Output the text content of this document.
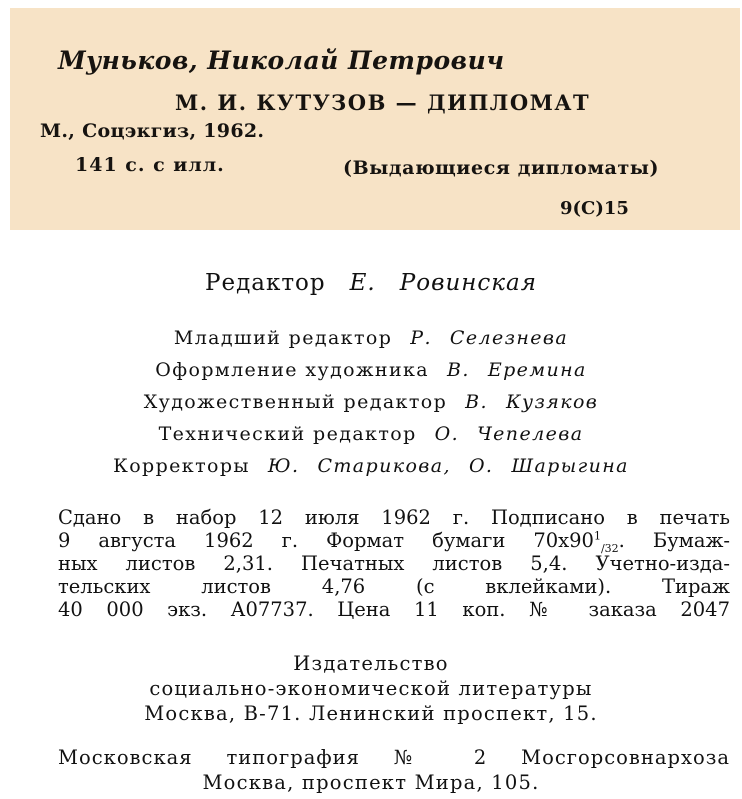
Муньков, Николай Петрович
М. И. КУТУЗОВ — ДИПЛОМАТ
М., Соцэкгиз, 1962.
141 с. с илл.	(Выдающиеся дипломаты)
9(С)15
Редактор Е. Ровинская
Младший редактор Р. Селезнева
Оформление художника В. Еремина
Художественный редактор В. Кузяков
Технический редактор О. Чепелева
Корректоры Ю. Старикова, О. Шарыгина
Сдано в набор 12 июля 1962 г. Подписано в печать
9 августа 1962 г. Формат бумаги $70x90^1_{/32}$. Бумаж-
ных листов 2,31. Печатных листов 5,4. Учетно-изда-
тельских листов 4,76 (с вклейками). Тираж
40 000 экз. А07737. Цена 11 коп. № заказа 2047
Издательство
социально-экономической литературы
Москва, В-71. Ленинский проспект, 15.
Московская типография № 2 Мосгорсовнархоза
Москва, проспект Мира, 105.
